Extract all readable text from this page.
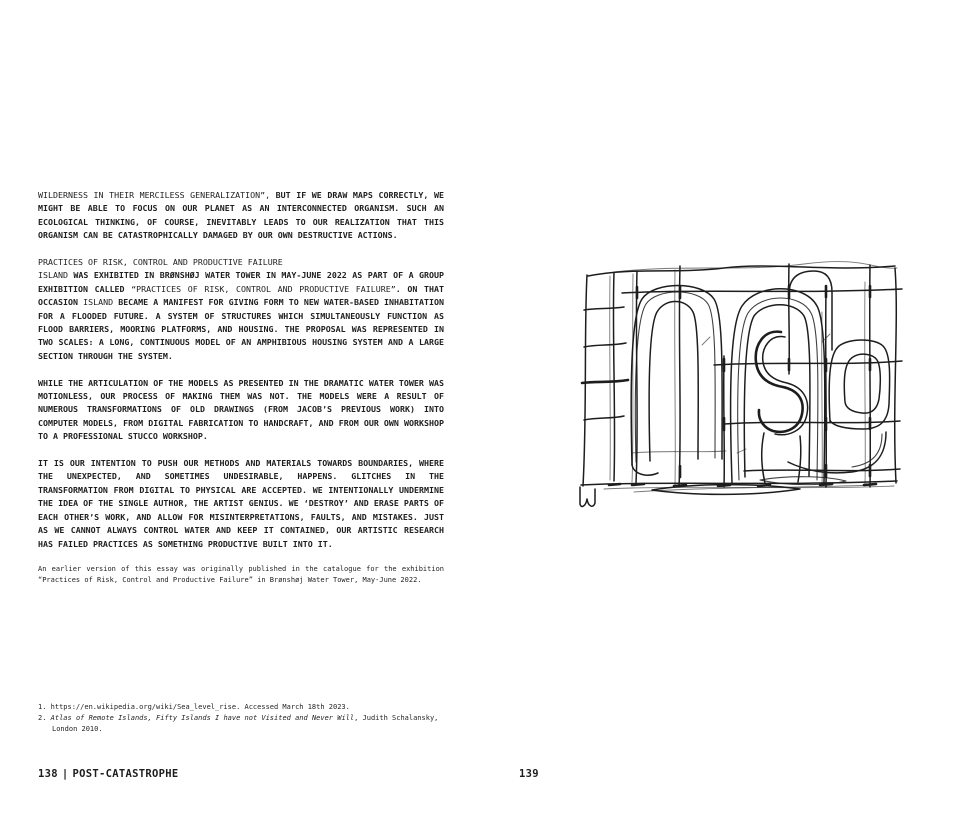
WILDERNESS IN THEIR MERCILESS GENERALIZATION”, BUT IF WE DRAW MAPS CORRECTLY, WE MIGHT BE ABLE TO FOCUS ON OUR PLANET AS AN INTERCONNECTED ORGANISM. SUCH AN ECOLOGICAL THINKING, OF COURSE, INEVITABLY LEADS TO OUR REALIZATION THAT THIS ORGANISM CAN BE CATASTROPHICALLY DAMAGED BY OUR OWN DESTRUCTIVE ACTIONS.

PRACTICES OF RISK, CONTROL AND PRODUCTIVE FAILURE

ISLAND WAS EXHIBITED IN BRØNSHØJ WATER TOWER IN MAY-JUNE 2022 AS PART OF A GROUP EXHIBITION CALLED “PRACTICES OF RISK, CONTROL AND PRODUCTIVE FAILURE”. ON THAT OCCASION ISLAND BECAME A MANIFEST FOR GIVING FORM TO NEW WATER-BASED INHABITATION FOR A FLOODED FUTURE. A SYSTEM OF STRUCTURES WHICH SIMULTANEOUSLY FUNCTION AS FLOOD BARRIERS, MOORING PLATFORMS, AND HOUSING. THE PROPOSAL WAS REPRESENTED IN TWO SCALES: A LONG, CONTINUOUS MODEL OF AN AMPHIBIOUS HOUSING SYSTEM AND A LARGE SECTION THROUGH THE SYSTEM.

WHILE THE ARTICULATION OF THE MODELS AS PRESENTED IN THE DRAMATIC WATER TOWER WAS MOTIONLESS, OUR PROCESS OF MAKING THEM WAS NOT. THE MODELS WERE A RESULT OF NUMEROUS TRANSFORMATIONS OF OLD DRAWINGS (FROM JACOB’S PREVIOUS WORK) INTO COMPUTER MODELS, FROM DIGITAL FABRICATION TO HANDCRAFT, AND FROM OUR OWN WORKSHOP TO A PROFESSIONAL STUCCO WORKSHOP.

IT IS OUR INTENTION TO PUSH OUR METHODS AND MATERIALS TOWARDS BOUNDARIES, WHERE THE UNEXPECTED, AND SOMETIMES UNDESIRABLE, HAPPENS. GLITCHES IN THE TRANSFORMATION FROM DIGITAL TO PHYSICAL ARE ACCEPTED. WE INTENTIONALLY UNDERMINE THE IDEA OF THE SINGLE AUTHOR, THE ARTIST GENIUS. WE ‘DESTROY’ AND ERASE PARTS OF EACH OTHER’S WORK, AND ALLOW FOR MISINTERPRETATIONS, FAULTS, AND MISTAKES. JUST AS WE CANNOT ALWAYS CONTROL WATER AND KEEP IT CONTAINED, OUR ARTISTIC RESEARCH HAS FAILED PRACTICES AS SOMETHING PRODUCTIVE BUILT INTO IT.

An earlier version of this essay was originally published in the catalogue for the exhibition “Practices of Risk, Control and Productive Failure” in Brønshøj Water Tower, May-June 2022.

1. https://en.wikipedia.org/wiki/Sea_level_rise. Accessed March 18th 2023.
2. Atlas of Remote Islands, Fifty Islands I have not Visited and Never Will, Judith Schalansky, London 2010.
138 | POST-CATASTROPHE	139
